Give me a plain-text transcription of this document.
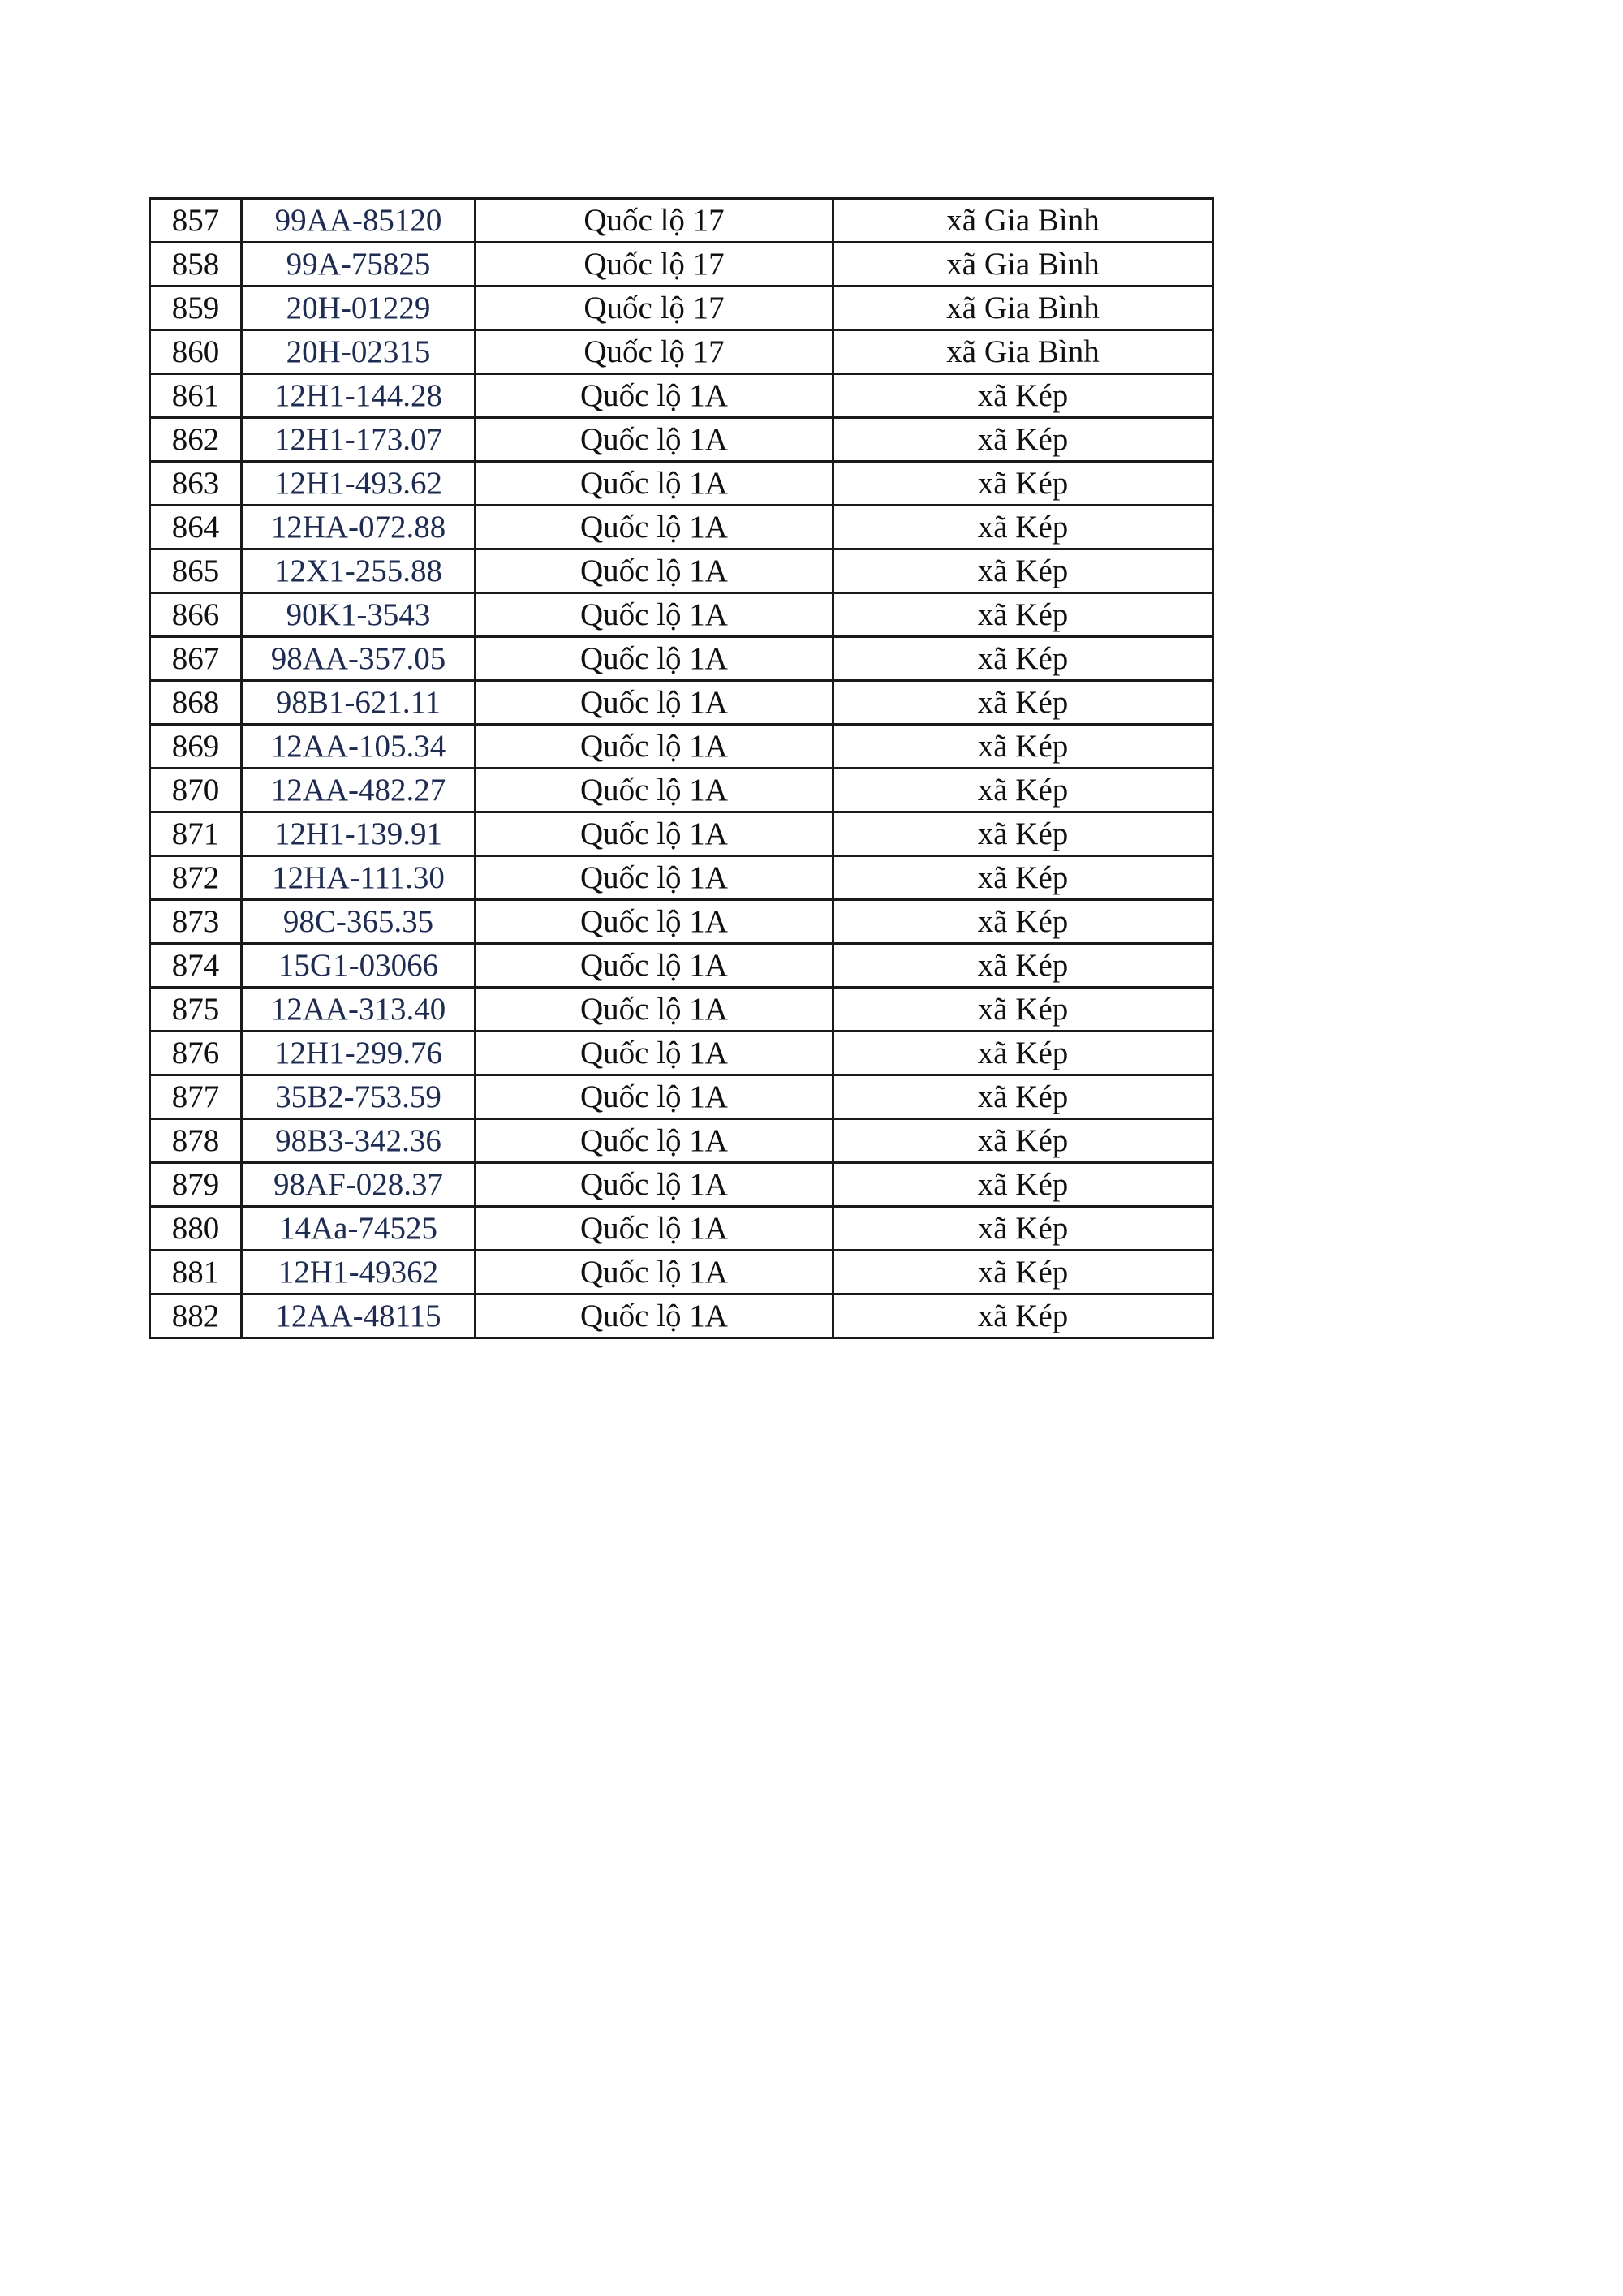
857	99AA-85120	Quốc lộ 17	xã Gia Bình
858	99A-75825	Quốc lộ 17	xã Gia Bình
859	20H-01229	Quốc lộ 17	xã Gia Bình
860	20H-02315	Quốc lộ 17	xã Gia Bình
861	12H1-144.28	Quốc lộ 1A	xã Kép
862	12H1-173.07	Quốc lộ 1A	xã Kép
863	12H1-493.62	Quốc lộ 1A	xã Kép
864	12HA-072.88	Quốc lộ 1A	xã Kép
865	12X1-255.88	Quốc lộ 1A	xã Kép
866	90K1-3543	Quốc lộ 1A	xã Kép
867	98AA-357.05	Quốc lộ 1A	xã Kép
868	98B1-621.11	Quốc lộ 1A	xã Kép
869	12AA-105.34	Quốc lộ 1A	xã Kép
870	12AA-482.27	Quốc lộ 1A	xã Kép
871	12H1-139.91	Quốc lộ 1A	xã Kép
872	12HA-111.30	Quốc lộ 1A	xã Kép
873	98C-365.35	Quốc lộ 1A	xã Kép
874	15G1-03066	Quốc lộ 1A	xã Kép
875	12AA-313.40	Quốc lộ 1A	xã Kép
876	12H1-299.76	Quốc lộ 1A	xã Kép
877	35B2-753.59	Quốc lộ 1A	xã Kép
878	98B3-342.36	Quốc lộ 1A	xã Kép
879	98AF-028.37	Quốc lộ 1A	xã Kép
880	14Aa-74525	Quốc lộ 1A	xã Kép
881	12H1-49362	Quốc lộ 1A	xã Kép
882	12AA-48115	Quốc lộ 1A	xã Kép
